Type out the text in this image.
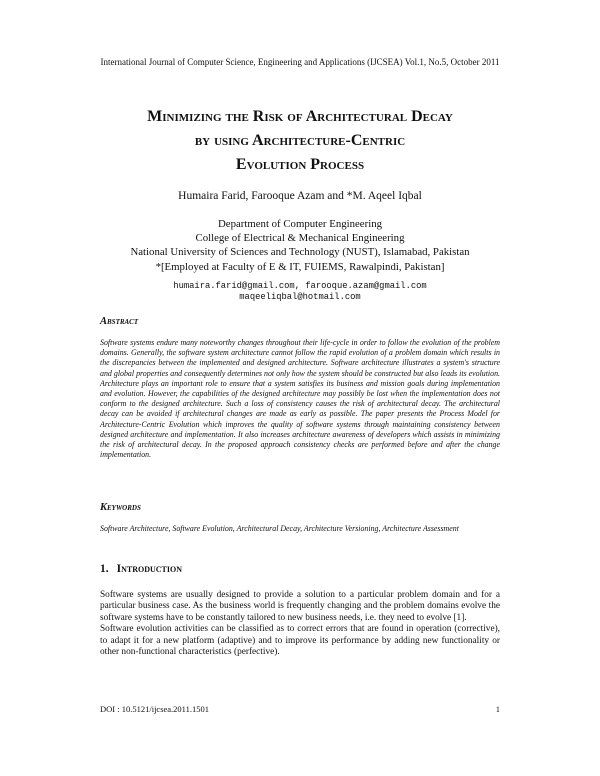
International Journal of Computer Science, Engineering and Applications (IJCSEA) Vol.1, No.5, October 2011
Minimizing the Risk of Architectural Decay
by using Architecture-Centric
Evolution Process
Humaira Farid, Farooque Azam and *M. Aqeel Iqbal
Department of Computer Engineering
College of Electrical & Mechanical Engineering
National University of Sciences and Technology (NUST), Islamabad, Pakistan
*[Employed at Faculty of E & IT, FUIEMS, Rawalpindi, Pakistan]
humaira.farid@gmail.com, farooque.azam@gmail.com
maqeeliqbal@hotmail.com
Abstract
Software systems endure many noteworthy changes throughout their life-cycle in order to follow the evolution of the problem domains. Generally, the software system architecture cannot follow the rapid evolution of a problem domain which results in the discrepancies between the implemented and designed architecture. Software architecture illustrates a system's structure and global properties and consequently determines not only how the system should be constructed but also leads its evolution. Architecture plays an important role to ensure that a system satisfies its business and mission goals during implementation and evolution. However, the capabilities of the designed architecture may possibly be lost when the implementation does not conform to the designed architecture. Such a loss of consistency causes the risk of architectural decay. The architectural decay can be avoided if architectural changes are made as early as possible. The paper presents the Process Model for Architecture-Centric Evolution which improves the quality of software systems through maintaining consistency between designed architecture and implementation. It also increases architecture awareness of developers which assists in minimizing the risk of architectural decay. In the proposed approach consistency checks are performed before and after the change implementation.
Keywords
Software Architecture, Software Evolution, Architectural Decay, Architecture Versioning, Architecture Assessment
1. Introduction

Software systems are usually designed to provide a solution to a particular problem domain and for a particular business case. As the business world is frequently changing and the problem domains evolve the software systems have to be constantly tailored to new business needs, i.e. they need to evolve [1].

Software evolution activities can be classified as to correct errors that are found in operation (corrective), to adapt it for a new platform (adaptive) and to improve its performance by adding new functionality or other non-functional characteristics (perfective).

DOI : 10.5121/ijcsea.2011.1501	1
